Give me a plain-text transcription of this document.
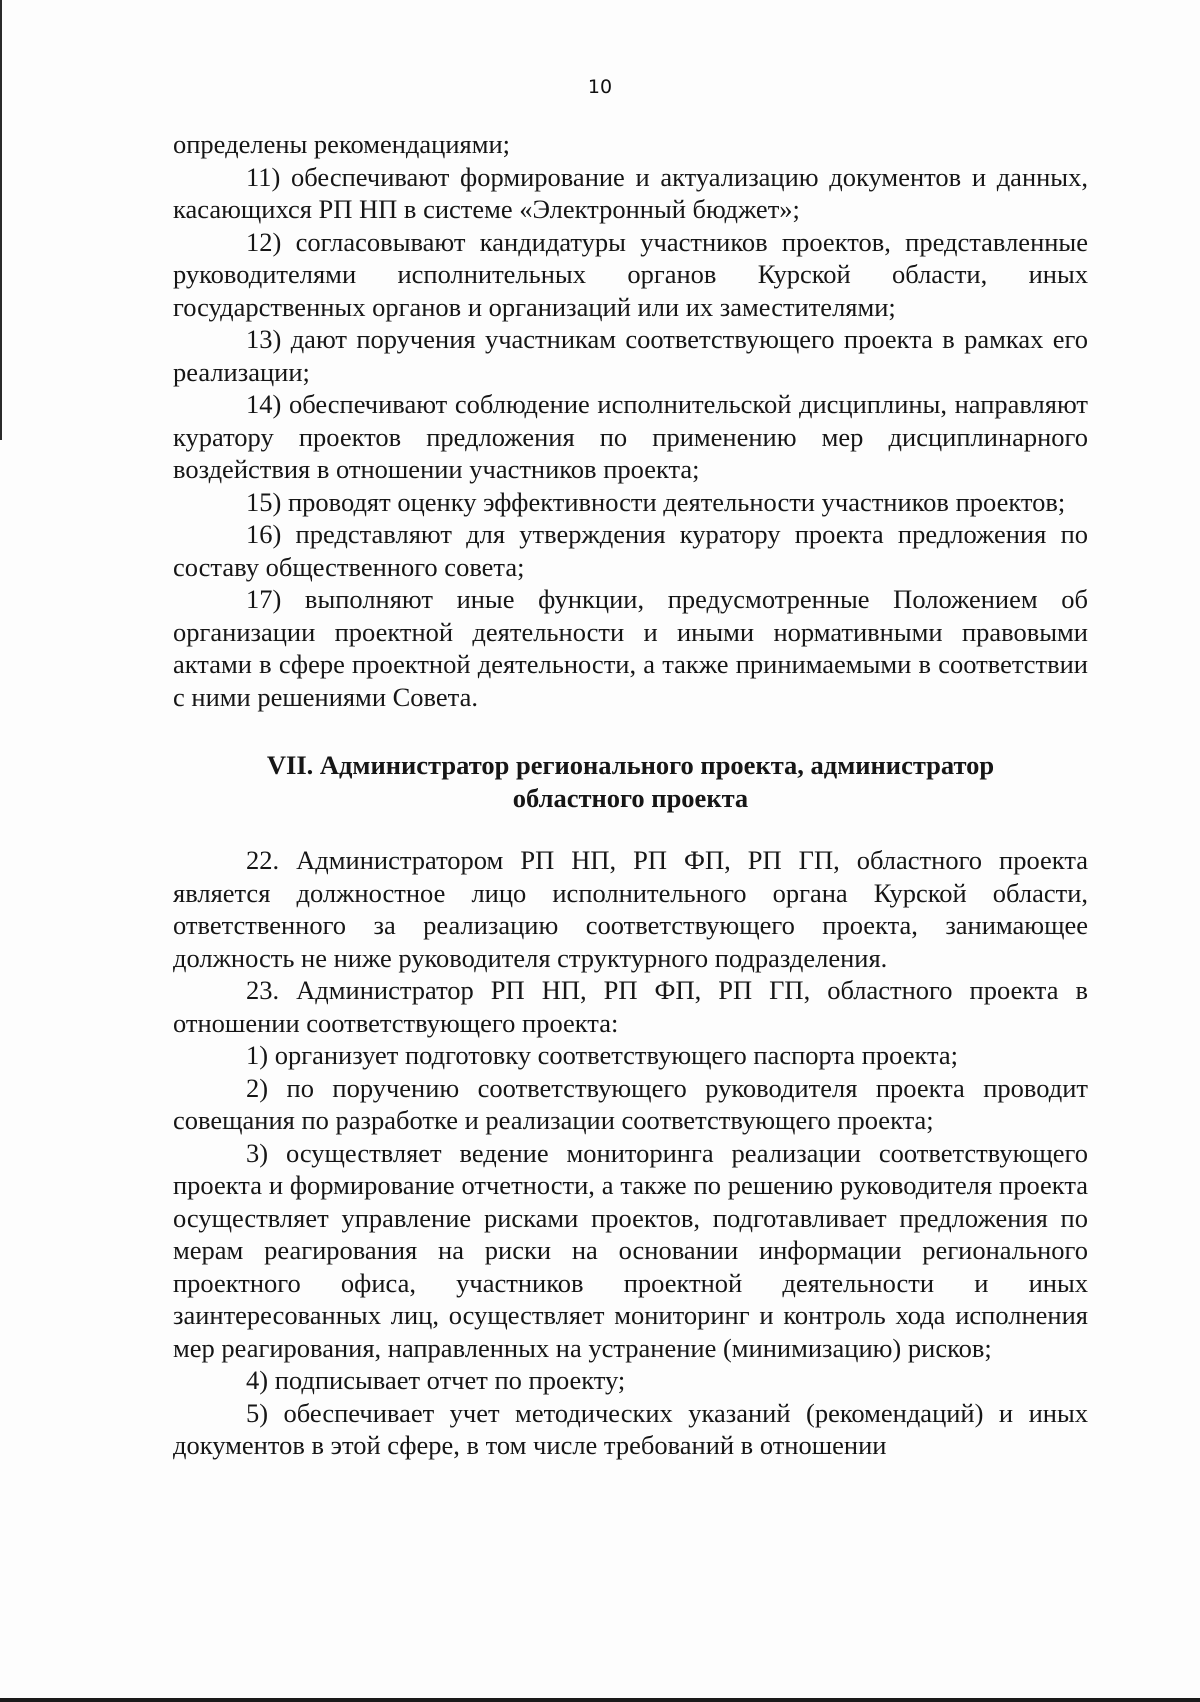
10

определены рекомендациями;

11) обеспечивают формирование и актуализацию документов и данных, касающихся РП НП в системе «Электронный бюджет»;

12) согласовывают кандидатуры участников проектов, представленные руководителями исполнительных органов Курской области, иных государственных органов и организаций или их заместителями;

13) дают поручения участникам соответствующего проекта в рамках его реализации;

14) обеспечивают соблюдение исполнительской дисциплины, направляют куратору проектов предложения по применению мер дисциплинарного воздействия в отношении участников проекта;

15) проводят оценку эффективности деятельности участников проектов;

16) представляют для утверждения куратору проекта предложения по составу общественного совета;

17) выполняют иные функции, предусмотренные Положением об организации проектной деятельности и иными нормативными правовыми актами в сфере проектной деятельности, а также принимаемыми в соответствии с ними решениями Совета.

VII. Администратор регионального проекта, администратор
областного проекта

22. Администратором РП НП, РП ФП, РП ГП, областного проекта является должностное лицо исполнительного органа Курской области, ответственного за реализацию соответствующего проекта, занимающее должность не ниже руководителя структурного подразделения.

23. Администратор РП НП, РП ФП, РП ГП, областного проекта в отношении соответствующего проекта:

1) организует подготовку соответствующего паспорта проекта;

2) по поручению соответствующего руководителя проекта проводит совещания по разработке и реализации соответствующего проекта;

3) осуществляет ведение мониторинга реализации соответствующего проекта и формирование отчетности, а также по решению руководителя проекта осуществляет управление рисками проектов, подготавливает предложения по мерам реагирования на риски на основании информации регионального проектного офиса, участников проектной деятельности и иных заинтересованных лиц, осуществляет мониторинг и контроль хода исполнения мер реагирования, направленных на устранение (минимизацию) рисков;

4) подписывает отчет по проекту;

5) обеспечивает учет методических указаний (рекомендаций) и иных документов в этой сфере, в том числе требований в отношении
